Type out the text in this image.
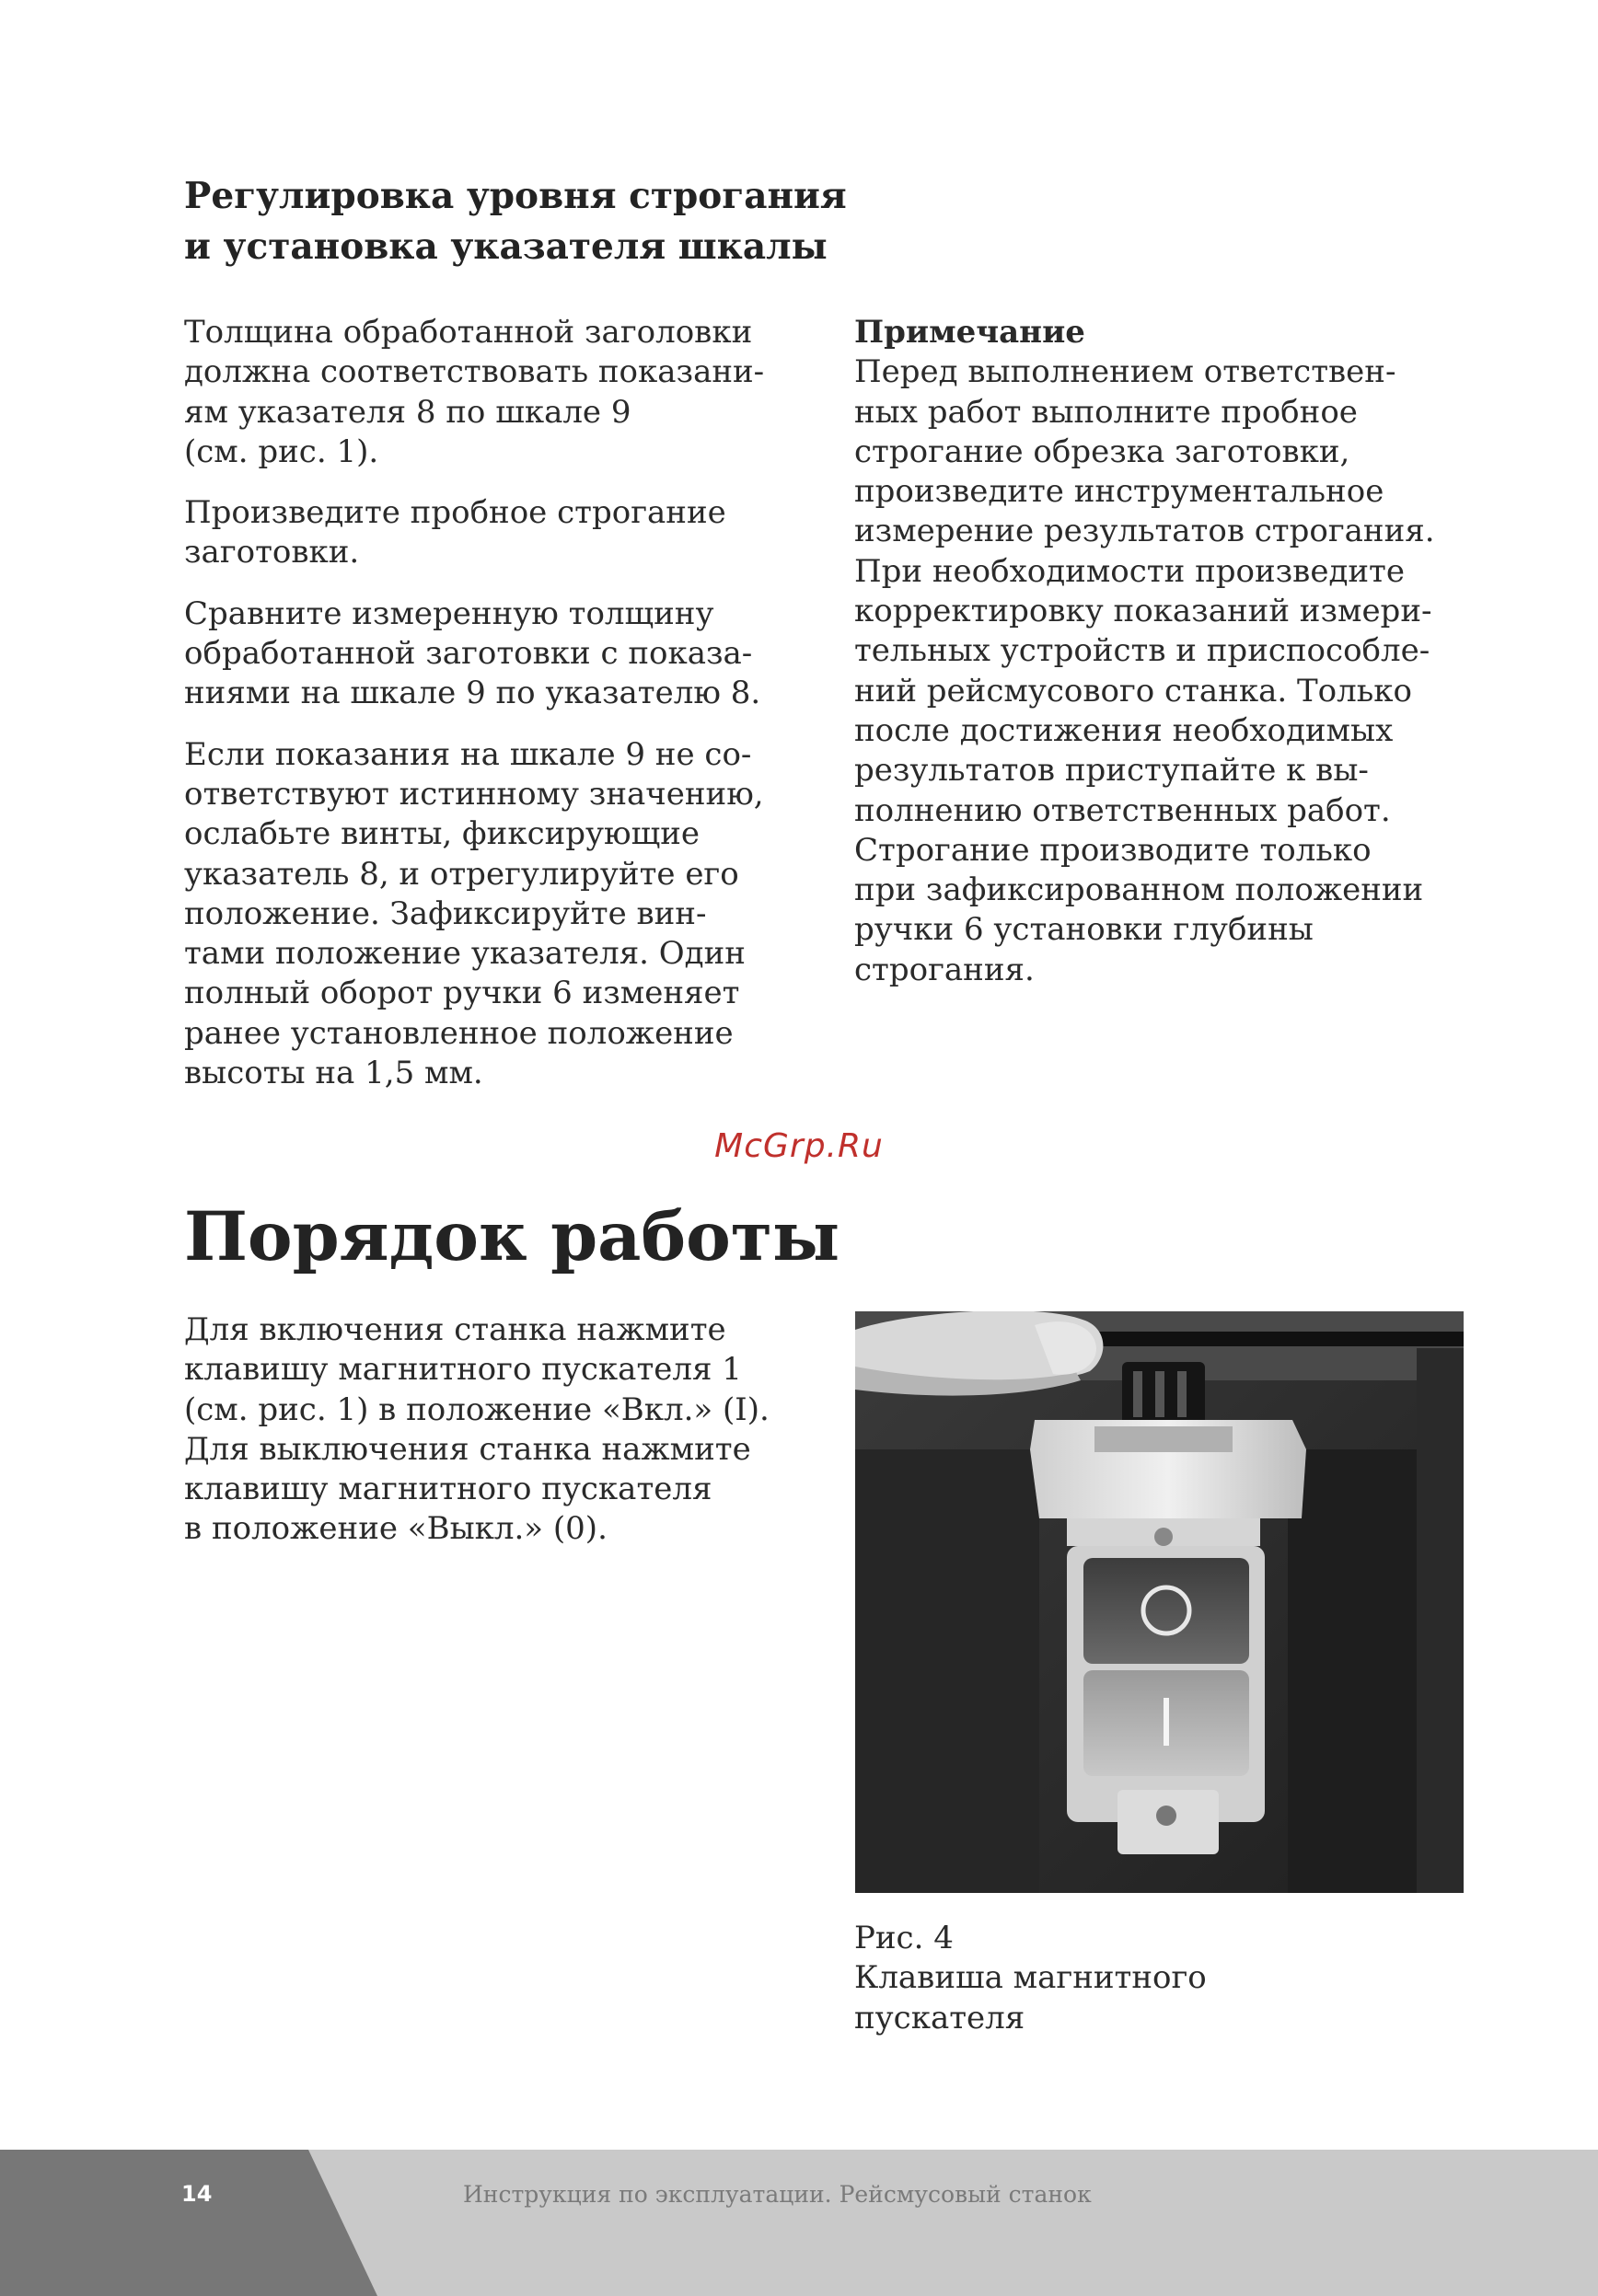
Регулировка уровня строгания
и установка указателя шкалы

Толщина обработанной заголовки
должна соответствовать показани-
ям указателя 8 по шкале 9
(см. рис. 1).

Произведите пробное строгание
заготовки.

Сравните измеренную толщину
обработанной заготовки с показа-
ниями на шкале 9 по указателю 8.

Если показания на шкале 9 не со-
ответствуют истинному значению,
ослабьте винты, фиксирующие
указатель 8, и отрегулируйте его
положение. Зафиксируйте вин-
тами положение указателя. Один
полный оборот ручки 6 изменяет
ранее установленное положение
высоты на 1,5 мм.

Примечание

Перед выполнением ответствен-
ных работ выполните пробное
строгание обрезка заготовки,
произведите инструментальное
измерение результатов строгания.
При необходимости произведите
корректировку показаний измери-
тельных устройств и приспособле-
ний рейсмусового станка. Только
после достижения необходимых
результатов приступайте к вы-
полнению ответственных работ.
Строгание производите только
при зафиксированном положении
ручки 6 установки глубины
строгания.

McGrp.Ru
Порядок работы

Для включения станка нажмите
клавишу магнитного пускателя 1
(см. рис. 1) в положение «Вкл.» (I).
Для выключения станка нажмите
клавишу магнитного пускателя
в положение «Выкл.» (0).

Рис. 4
Клавиша магнитного
пускателя
14	Инструкция по эксплуатации. Рейсмусовый станок
